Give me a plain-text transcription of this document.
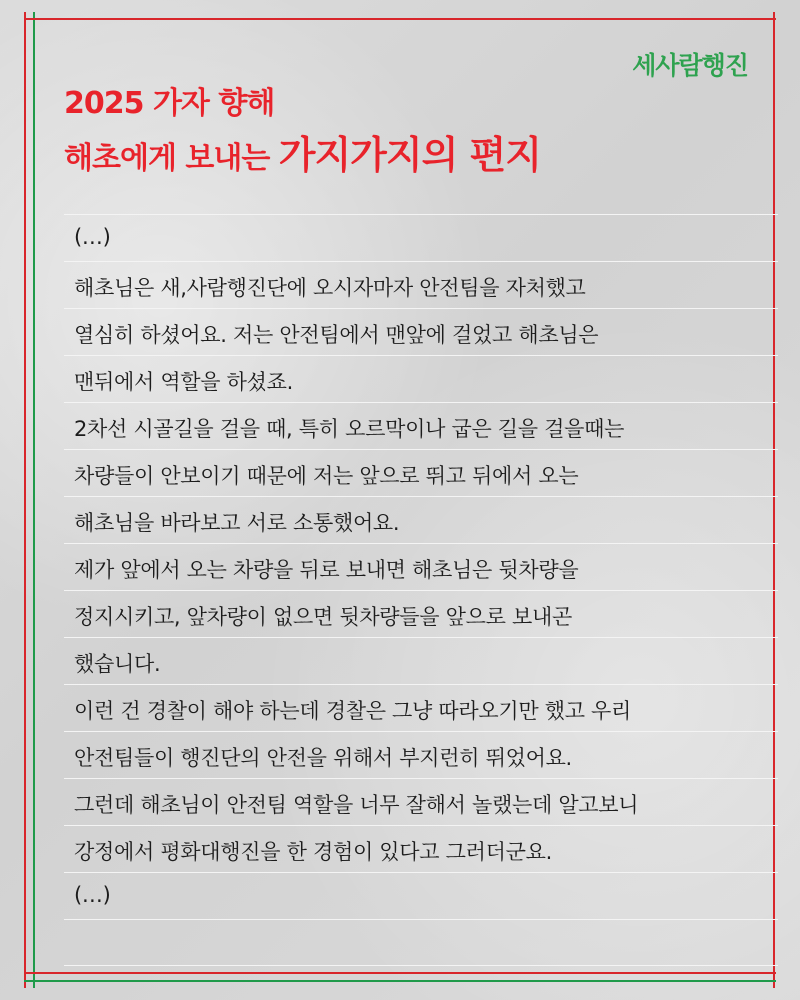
세사람행진
2025 가자 향해
해초에게 보내는 가지가지의 편지
(…)
해초님은 새,사람행진단에 오시자마자 안전팀을 자처했고
열심히 하셨어요. 저는 안전팀에서 맨앞에 걸었고 해초님은
맨뒤에서 역할을 하셨죠.
2차선 시골길을 걸을 때, 특히 오르막이나 굽은 길을 걸을때는
차량들이 안보이기 때문에 저는 앞으로 뛰고 뒤에서 오는
해초님을 바라보고 서로 소통했어요.
제가 앞에서 오는 차량을 뒤로 보내면 해초님은 뒷차량을
정지시키고, 앞차량이 없으면 뒷차량들을 앞으로 보내곤
했습니다.
이런 건 경찰이 해야 하는데 경찰은 그냥 따라오기만 했고 우리
안전팀들이 행진단의 안전을 위해서 부지런히 뛰었어요.
그런데 해초님이 안전팀 역할을 너무 잘해서 놀랬는데 알고보니
강정에서 평화대행진을 한 경험이 있다고 그러더군요.
(…)
